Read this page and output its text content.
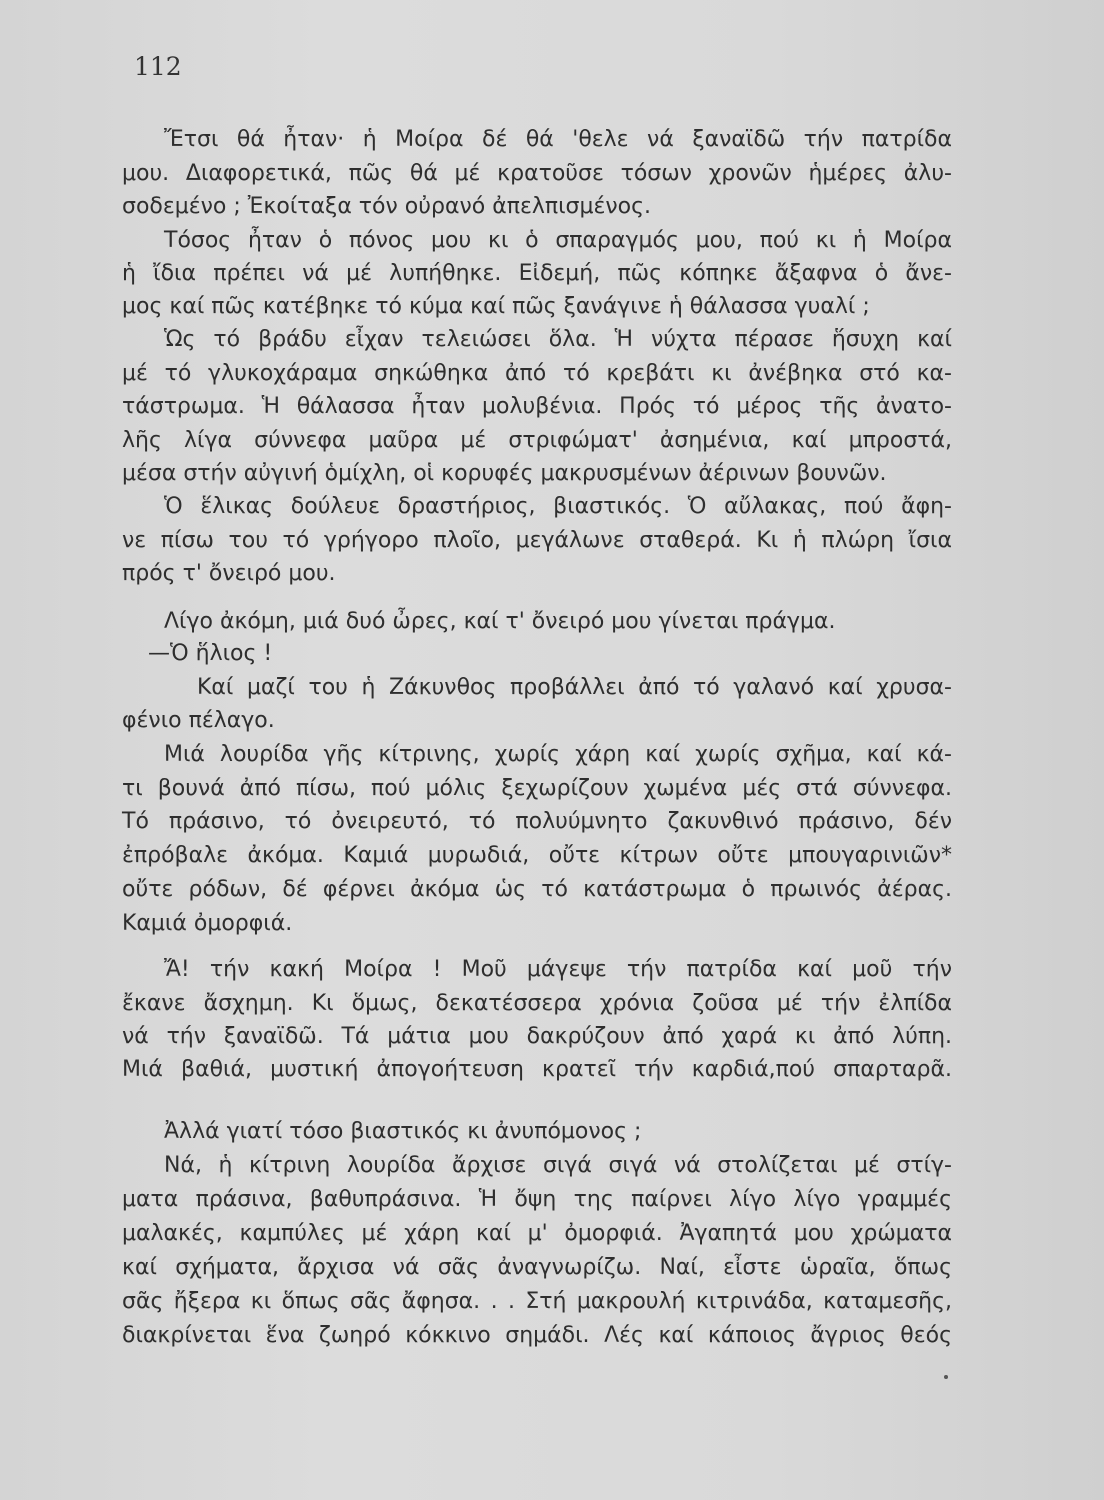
112
Ἔτσι θά ἦταν· ἡ Μοίρα δέ θά 'θελε νά ξαναϊδῶ τήν πατρίδα
μου. Διαφορετικά, πῶς θά μέ κρατοῦσε τόσων χρονῶν ἡμέρες ἀλυ-
σοδεμένο ; Ἐκοίταξα τόν οὐρανό ἀπελπισμένος.
Τόσος ἦταν ὁ πόνος μου κι ὁ σπαραγμός μου, πού κι ἡ Μοίρα
ἡ ἴδια πρέπει νά μέ λυπήθηκε. Εἰδεμή, πῶς κόπηκε ἄξαφνα ὁ ἄνε-
μος καί πῶς κατέβηκε τό κύμα καί πῶς ξανάγινε ἡ θάλασσα γυαλί ;
Ὡς τό βράδυ εἶχαν τελειώσει ὅλα. Ἡ νύχτα πέρασε ἥσυχη καί
μέ τό γλυκοχάραμα σηκώθηκα ἀπό τό κρεβάτι κι ἀνέβηκα στό κα-
τάστρωμα. Ἡ θάλασσα ἦταν μολυβένια. Πρός τό μέρος τῆς ἀνατο-
λῆς λίγα σύννεφα μαῦρα μέ στριφώματ' ἀσημένια, καί μπροστά,
μέσα στήν αὐγινή ὁμίχλη, οἱ κορυφές μακρυσμένων ἀέρινων βουνῶν.
Ὁ ἕλικας δούλευε δραστήριος, βιαστικός. Ὁ αὔλακας, πού ἄφη-
νε πίσω του τό γρήγορο πλοῖο, μεγάλωνε σταθερά. Κι ἡ πλώρη ἴσια
πρός τ' ὄνειρό μου.
Λίγο ἀκόμη, μιά δυό ὦρες, καί τ' ὄνειρό μου γίνεται πράγμα.
—Ὁ ἥλιος !
Καί μαζί του ἡ Ζάκυνθος προβάλλει ἀπό τό γαλανό καί χρυσα-
φένιο πέλαγο.
Μιά λουρίδα γῆς κίτρινης, χωρίς χάρη καί χωρίς σχῆμα, καί κά-
τι βουνά ἀπό πίσω, πού μόλις ξεχωρίζουν χωμένα μές στά σύννεφα.
Τό πράσινο, τό ὀνειρευτό, τό πολυύμνητο ζακυνθινό πράσινο, δέν
ἐπρόβαλε ἀκόμα. Καμιά μυρωδιά, οὔτε κίτρων οὔτε μπουγαρινιῶν*
οὔτε ρόδων, δέ φέρνει ἀκόμα ὡς τό κατάστρωμα ὁ πρωινός ἀέρας.
Καμιά ὀμορφιά.
Ἄ! τήν κακή Μοίρα ! Μοῦ μάγεψε τήν πατρίδα καί μοῦ τήν
ἔκανε ἄσχημη. Κι ὅμως, δεκατέσσερα χρόνια ζοῦσα μέ τήν ἐλπίδα
νά τήν ξαναϊδῶ. Τά μάτια μου δακρύζουν ἀπό χαρά κι ἀπό λύπη.
Μιά βαθιά, μυστική ἀπογοήτευση κρατεῖ τήν καρδιά,πού σπαρταρᾶ.
Ἀλλά γιατί τόσο βιαστικός κι ἀνυπόμονος ;
Νά, ἡ κίτρινη λουρίδα ἄρχισε σιγά σιγά νά στολίζεται μέ στίγ-
ματα πράσινα, βαθυπράσινα. Ἡ ὄψη της παίρνει λίγο λίγο γραμμές
μαλακές, καμπύλες μέ χάρη καί μ' ὀμορφιά. Ἀγαπητά μου χρώματα
καί σχήματα, ἄρχισα νά σᾶς ἀναγνωρίζω. Ναί, εἶστε ὡραῖα, ὅπως
σᾶς ἤξερα κι ὅπως σᾶς ἄφησα. . . Στή μακρουλή κιτρινάδα, καταμεσῆς,
διακρίνεται ἕνα ζωηρό κόκκινο σημάδι. Λές καί κάποιος ἄγριος θεός
